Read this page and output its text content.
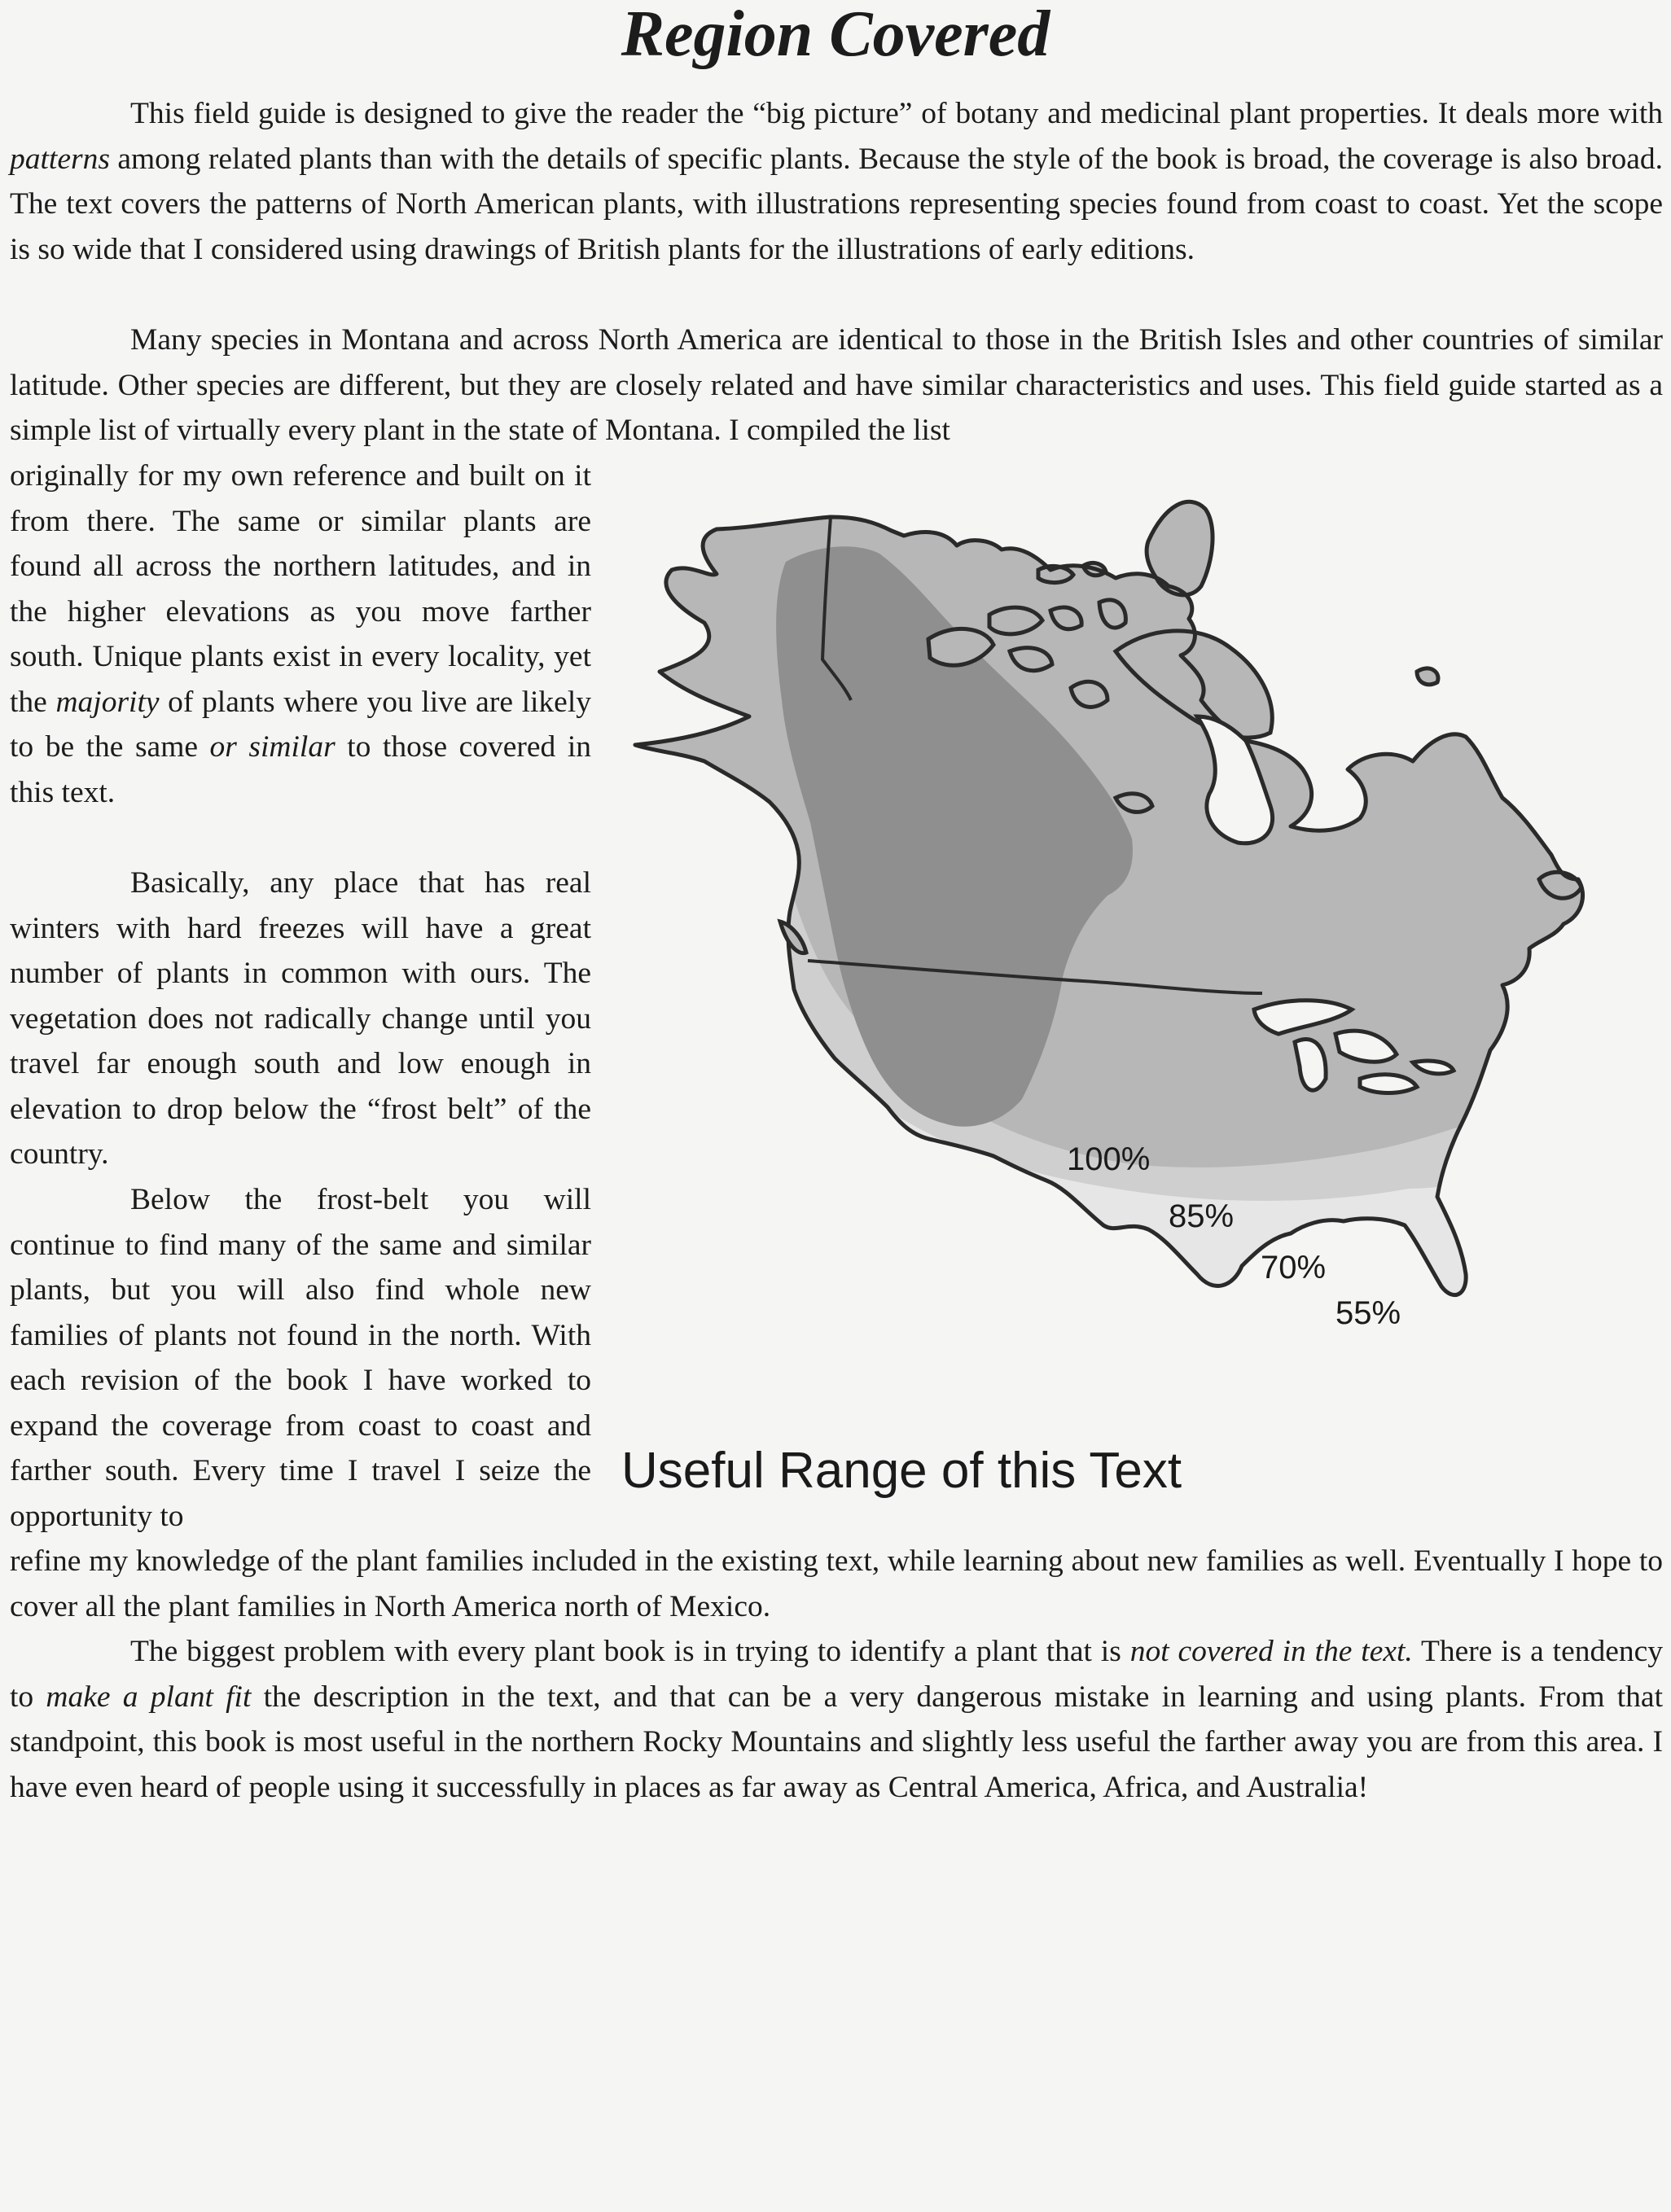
Region Covered

This field guide is designed to give the reader the “big picture” of botany and medicinal plant properties. It deals more with patterns among related plants than with the details of specific plants. Because the style of the book is broad, the coverage is also broad. The text covers the patterns of North American plants, with illustrations representing species found from coast to coast. Yet the scope is so wide that I considered using drawings of British plants for the illustrations of early editions.

Many species in Montana and across North America are identical to those in the British Isles and other countries of similar latitude. Other species are different, but they are closely related and have similar characteristics and uses. This field guide started as a simple list of virtually every plant in the state of Montana. I compiled the list

originally for my own reference and built on it from there. The same or similar plants are found all across the northern latitudes, and in the higher elevations as you move farther south. Unique plants exist in every locality, yet the majority of plants where you live are likely to be the same or similar to those covered in this text.

Basically, any place that has real winters with hard freezes will have a great number of plants in common with ours. The vegetation does not radically change until you travel far enough south and low enough in elevation to drop below the “frost belt” of the country.

Below the frost-belt you will continue to find many of the same and similar plants, but you will also find whole new families of plants not found in the north. With each revision of the book I have worked to expand the coverage from coast to coast and farther south. Every time I travel I seize the opportunity to

refine my knowledge of the plant families included in the existing text, while learning about new families as well. Eventually I hope to cover all the plant families in North America north of Mexico.

The biggest problem with every plant book is in trying to identify a plant that is not covered in the text. There is a tendency to make a plant fit the description in the text, and that can be a very dangerous mistake in learning and using plants. From that standpoint, this book is most useful in the northern Rocky Mountains and slightly less useful the farther away you are from this area. I have even heard of people using it successfully in places as far away as Central America, Africa, and Australia!

100%
85%
70%
55%

Useful Range of this Text
